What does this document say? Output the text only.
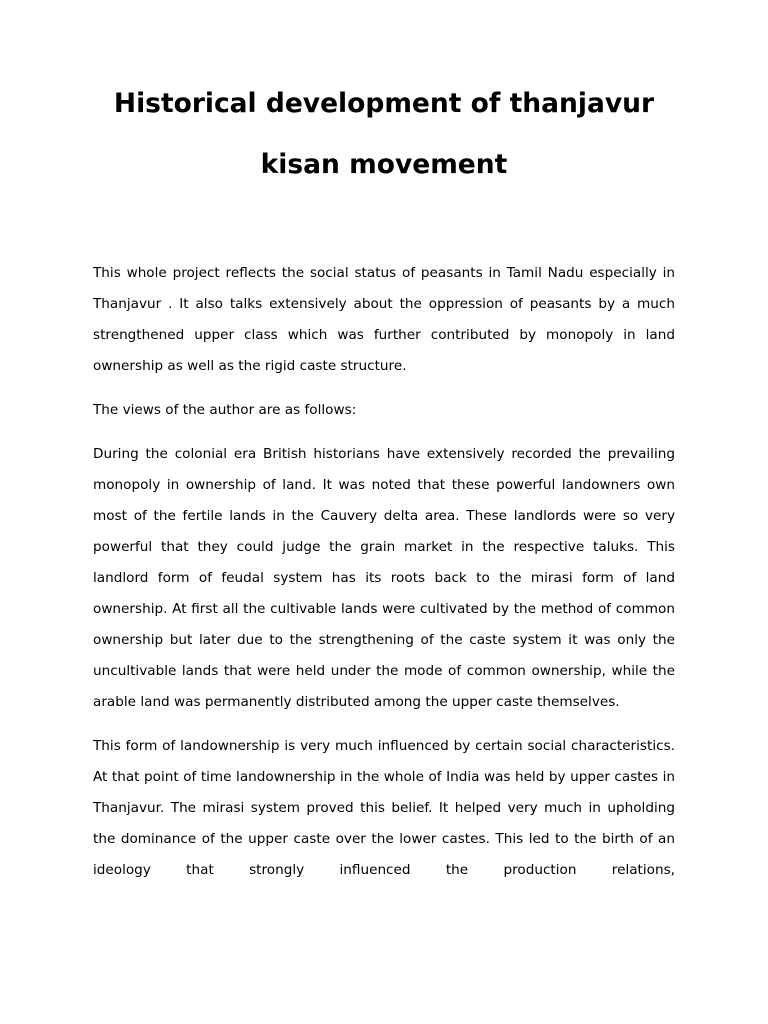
Historical development of thanjavur
kisan movement

This whole project reflects the social status of peasants in Tamil Nadu especially in Thanjavur . It also talks extensively about the oppression of peasants by a much strengthened upper class which was further contributed by monopoly in land ownership as well as the rigid caste structure.

The views of the author are as follows:

During the colonial era British historians have extensively recorded the prevailing monopoly in ownership of land. It was noted that these powerful landowners own most of the fertile lands in the Cauvery delta area. These landlords were so very powerful that they could judge the grain market in the respective taluks. This landlord form of feudal system has its roots back to the mirasi form of land ownership. At first all the cultivable lands were cultivated by the method of common ownership but later due to the strengthening of the caste system it was only the uncultivable lands that were held under the mode of common ownership, while the arable land was permanently distributed among the upper caste themselves.

This form of landownership is very much influenced by certain social characteristics. At that point of time landownership in the whole of India was held by upper castes in Thanjavur. The mirasi system proved this belief. It helped very much in upholding the dominance of the upper caste over the lower castes. This led to the birth of an ideology that strongly influenced the production relations,
